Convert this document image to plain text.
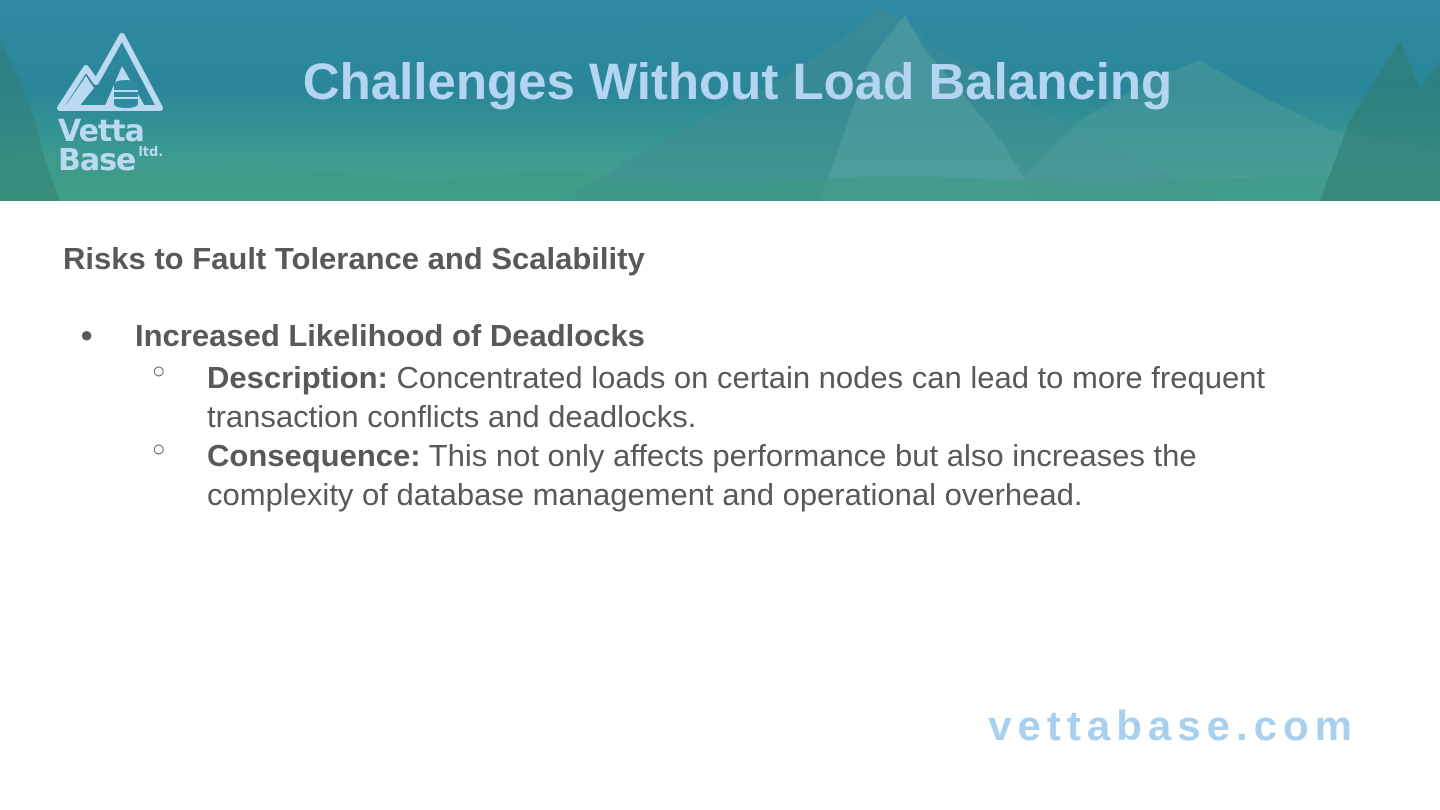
Vetta
Base $^{ltd.}$
Challenges Without Load Balancing
Risks to Fault Tolerance and Scalability
● Increased Likelihood of Deadlocks
○ Description: Concentrated loads on certain nodes can lead to more frequent transaction conflicts and deadlocks.
○ Consequence: This not only affects performance but also increases the complexity of database management and operational overhead.
vettabase.com
